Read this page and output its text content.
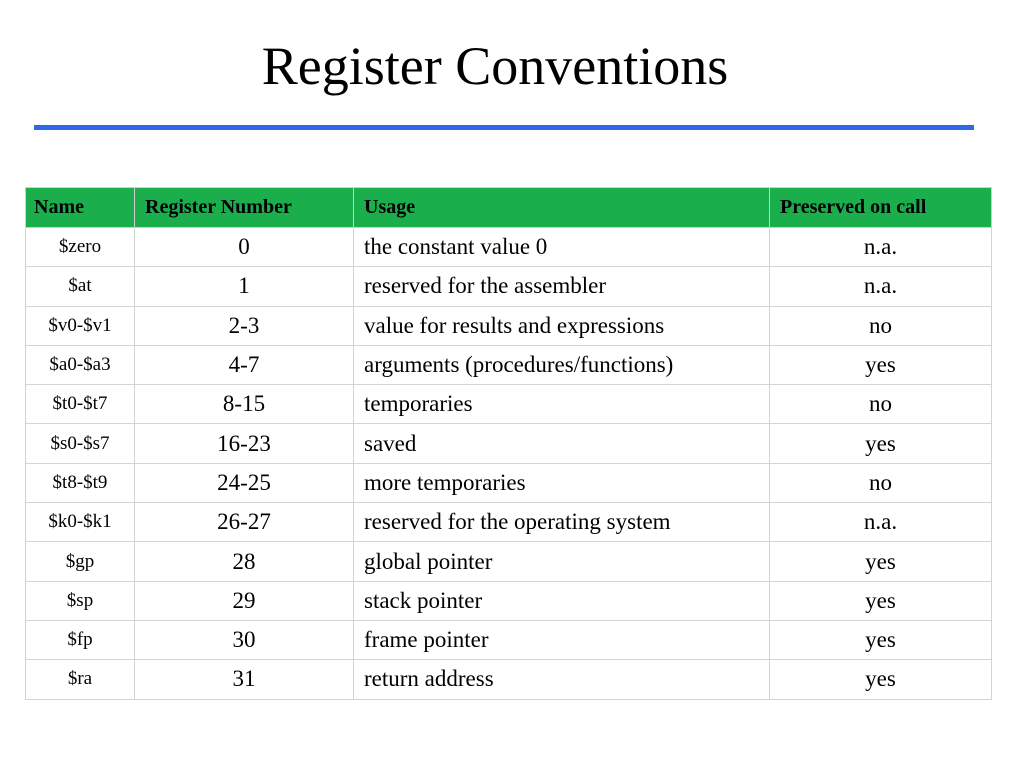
Register Conventions
Name	Register Number	Usage	Preserved on call
$zero	0	the constant value 0	n.a.
$at	1	reserved for the assembler	n.a.
$v0-$v1	2-3	value for results and expressions	no
$a0-$a3	4-7	arguments (procedures/functions)	yes
$t0-$t7	8-15	temporaries	no
$s0-$s7	16-23	saved	yes
$t8-$t9	24-25	more temporaries	no
$k0-$k1	26-27	reserved for the operating system	n.a.
$gp	28	global pointer	yes
$sp	29	stack pointer	yes
$fp	30	frame pointer	yes
$ra	31	return address	yes
